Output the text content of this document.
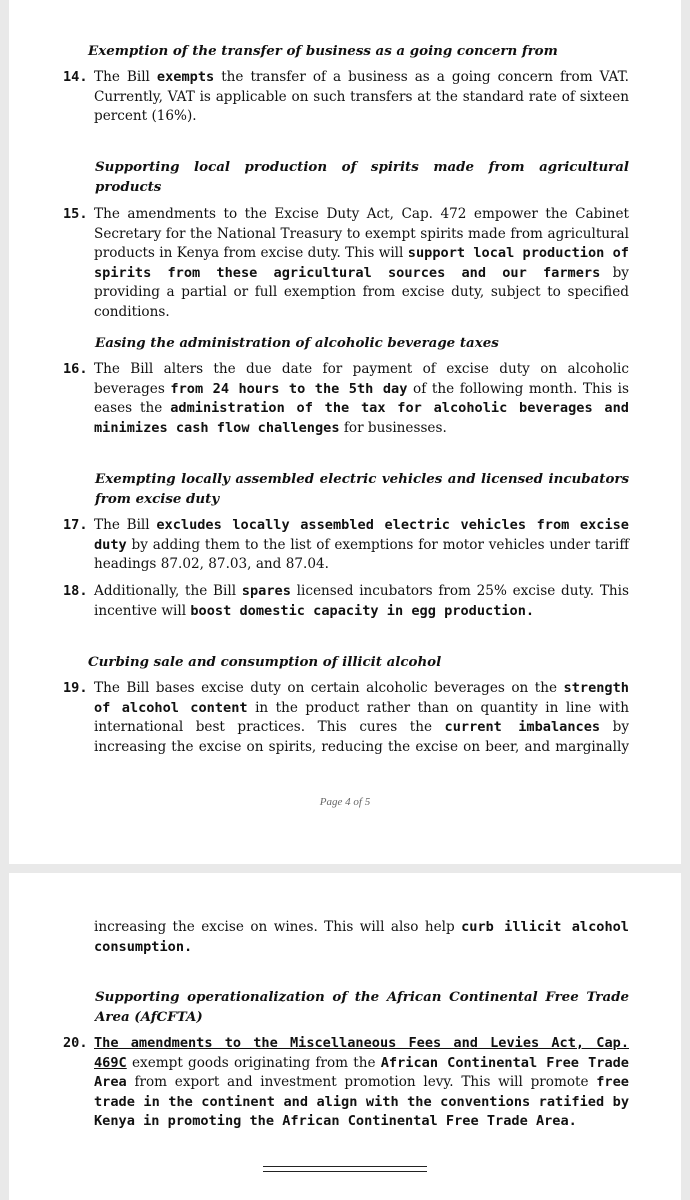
Exemption of the transfer of business as a going concern from

14. The Bill exempts the transfer of a business as a going concern from VAT. Currently, VAT is applicable on such transfers at the standard rate of sixteen percent (16%).

Supporting local production of spirits made from agricultural products

15. The amendments to the Excise Duty Act, Cap. 472 empower the Cabinet Secretary for the National Treasury to exempt spirits made from agricultural products in Kenya from excise duty. This will support local production of spirits from these agricultural sources and our farmers by providing a partial or full exemption from excise duty, subject to specified conditions.

Easing the administration of alcoholic beverage taxes

16. The Bill alters the due date for payment of excise duty on alcoholic beverages from 24 hours to the 5th day of the following month. This is eases the administration of the tax for alcoholic beverages and minimizes cash flow challenges for businesses.

Exempting locally assembled electric vehicles and licensed incubators from excise duty

17. The Bill excludes locally assembled electric vehicles from excise duty by adding them to the list of exemptions for motor vehicles under tariff headings 87.02, 87.03, and 87.04.

18. Additionally, the Bill spares licensed incubators from 25% excise duty. This incentive will boost domestic capacity in egg production.

Curbing sale and consumption of illicit alcohol

19. The Bill bases excise duty on certain alcoholic beverages on the strength of alcohol content in the product rather than on quantity in line with international best practices. This cures the current imbalances by increasing the excise on spirits, reducing the excise on beer, and marginally

Page 4 of 5

increasing the excise on wines. This will also help curb illicit alcohol consumption.

Supporting operationalization of the African Continental Free Trade Area (AfCFTA)

20. The amendments to the Miscellaneous Fees and Levies Act, Cap. 469C exempt goods originating from the African Continental Free Trade Area from export and investment promotion levy. This will promote free trade in the continent and align with the conventions ratified by Kenya in promoting the African Continental Free Trade Area.
